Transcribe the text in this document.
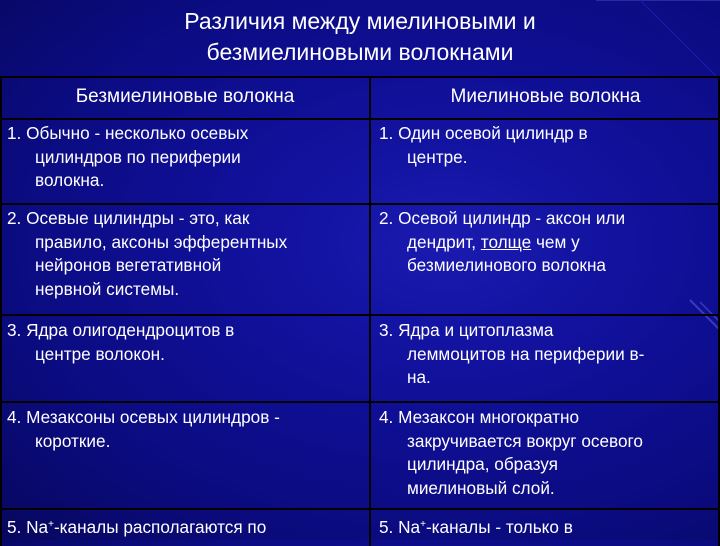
Различия между миелиновыми и
безмиелиновыми волокнами
Безмиелиновые волокна	Миелиновые волокна
1. Обычно - несколько осевых
цилиндров по периферии
волокна.
1. Один осевой цилиндр в
центре.
2. Осевые цилиндры - это, как
правило, аксоны эфферентных
нейронов вегетативной
нервной системы.
2. Осевой цилиндр - аксон или
дендрит, толще чем у
безмиелинового волокна
3. Ядра олигодендроцитов в
центре волокон.
3. Ядра и цитоплазма
леммоцитов на периферии в-
на.
4. Мезаксоны осевых цилиндров -
короткие.
4. Мезаксон многократно
закручивается вокруг осевого
цилиндра, образуя
миелиновый слой.
5. Na+-каналы располагаются по	5. Na+-каналы - только в
